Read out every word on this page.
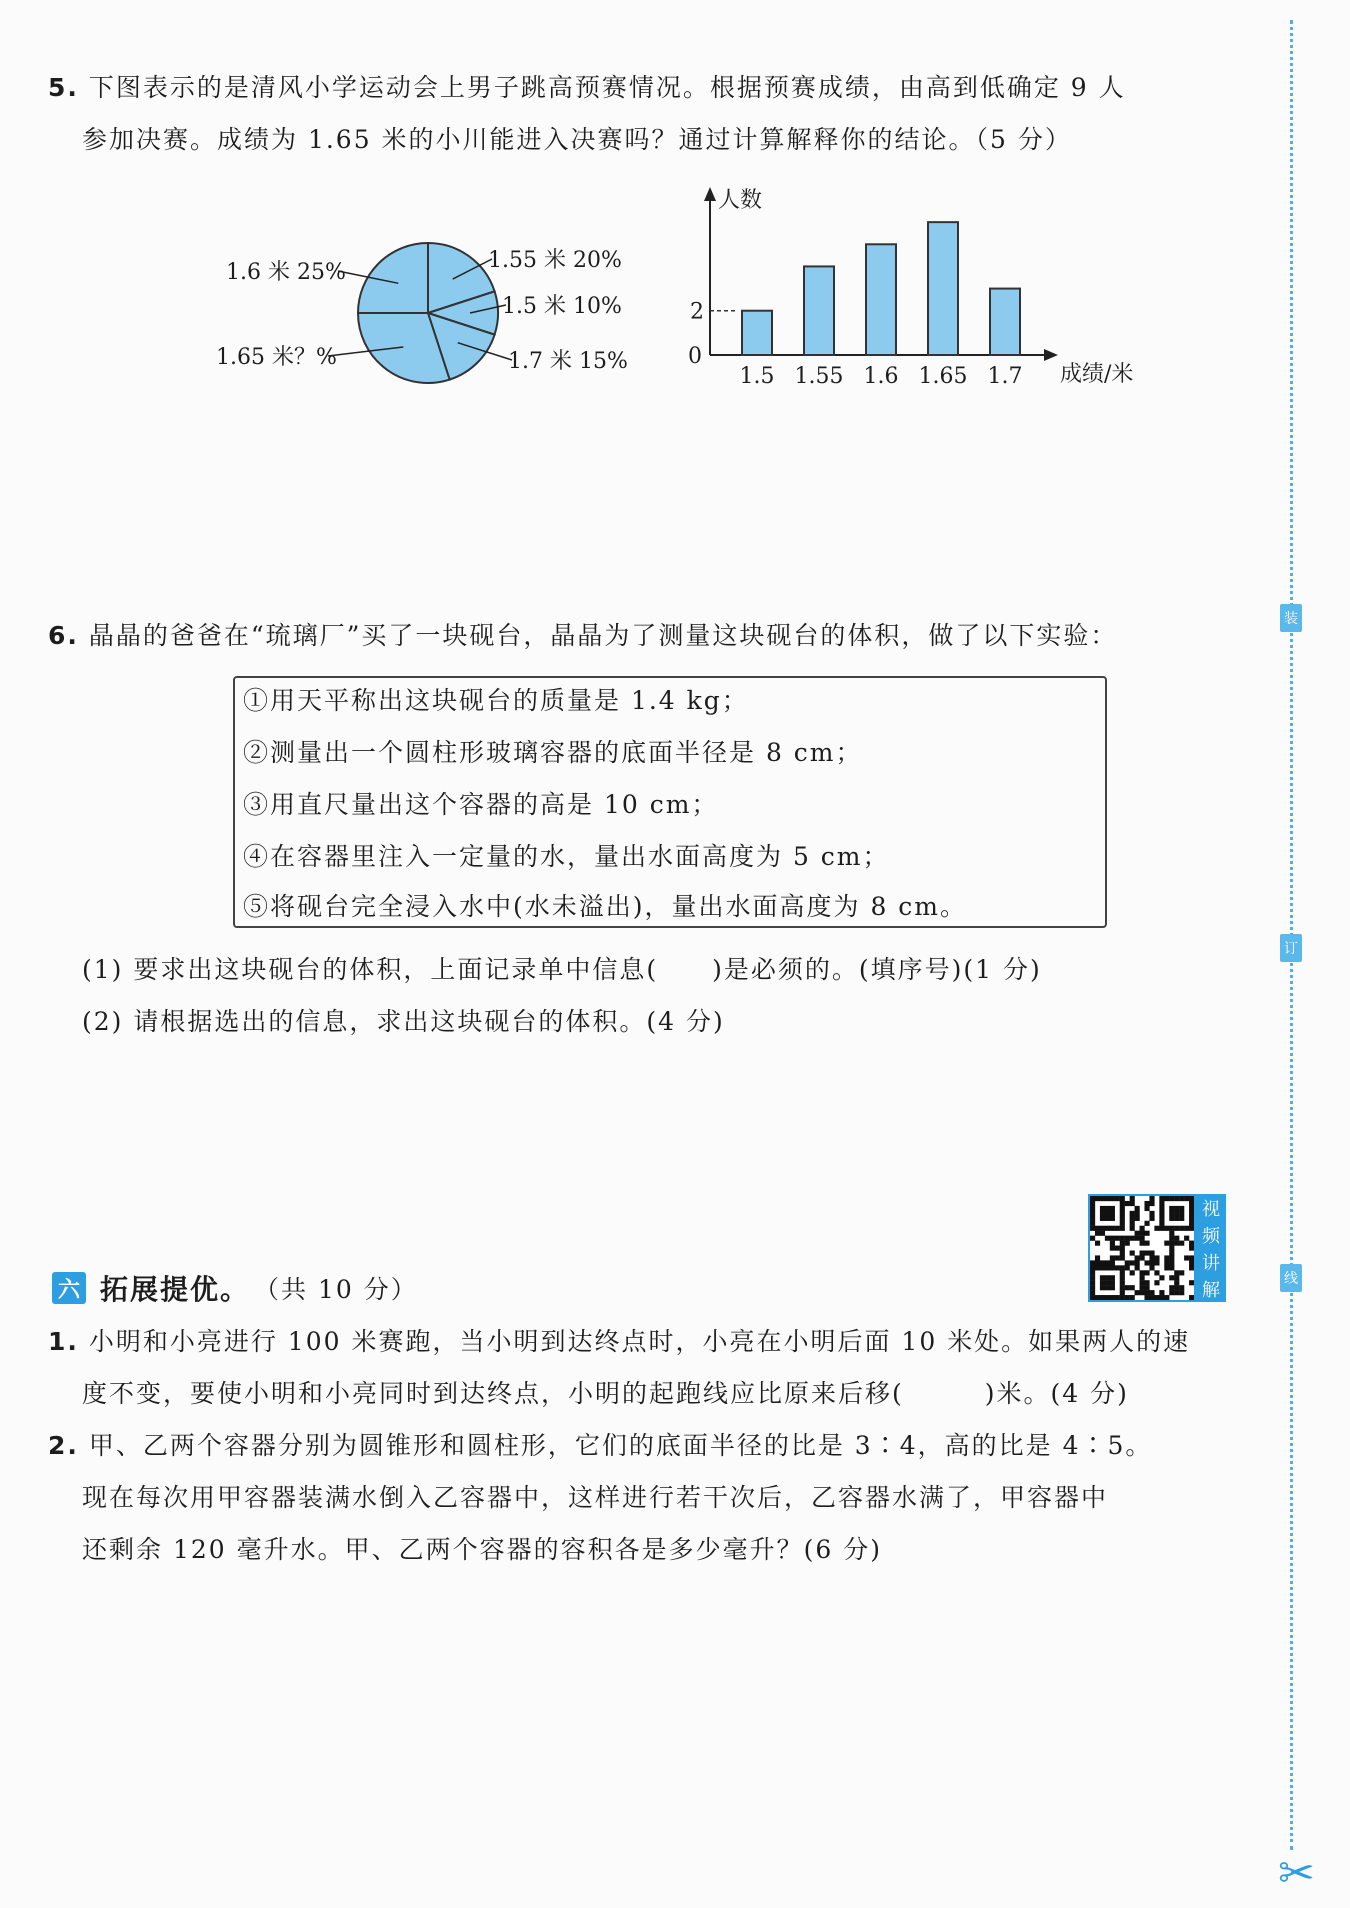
5. 下图表示的是清风小学运动会上男子跳高预赛情况。根据预赛成绩，由高到低确定 9 人
参加决赛。成绩为 1.65 米的小川能进入决赛吗？通过计算解释你的结论。（5 分）
1.55 米 20%
1.5 米 10%
1.7 米 15%
1.65 米？%
1.6 米 25%
人数
成绩/米
0
2
1.5 1.55 1.6 1.65 1.7
6. 晶晶的爸爸在“琉璃厂”买了一块砚台，晶晶为了测量这块砚台的体积，做了以下实验：
①用天平称出这块砚台的质量是 1.4 kg；
②测量出一个圆柱形玻璃容器的底面半径是 8 cm；
③用直尺量出这个容器的高是 10 cm；
④在容器里注入一定量的水，量出水面高度为 5 cm；
⑤将砚台完全浸入水中(水未溢出)，量出水面高度为 8 cm。
(1) 要求出这块砚台的体积，上面记录单中信息(　　)是必须的。(填序号)(1 分)
(2) 请根据选出的信息，求出这块砚台的体积。(4 分)
视
频
讲
解
六 拓展提优。 （共 10 分）
1. 小明和小亮进行 100 米赛跑，当小明到达终点时，小亮在小明后面 10 米处。如果两人的速
度不变，要使小明和小亮同时到达终点，小明的起跑线应比原来后移(　　　)米。(4 分)
2. 甲、乙两个容器分别为圆锥形和圆柱形，它们的底面半径的比是 3∶4，高的比是 4∶5。
现在每次用甲容器装满水倒入乙容器中，这样进行若干次后，乙容器水满了，甲容器中
还剩余 120 毫升水。甲、乙两个容器的容积各是多少毫升？(6 分)
装
订
线
✂
